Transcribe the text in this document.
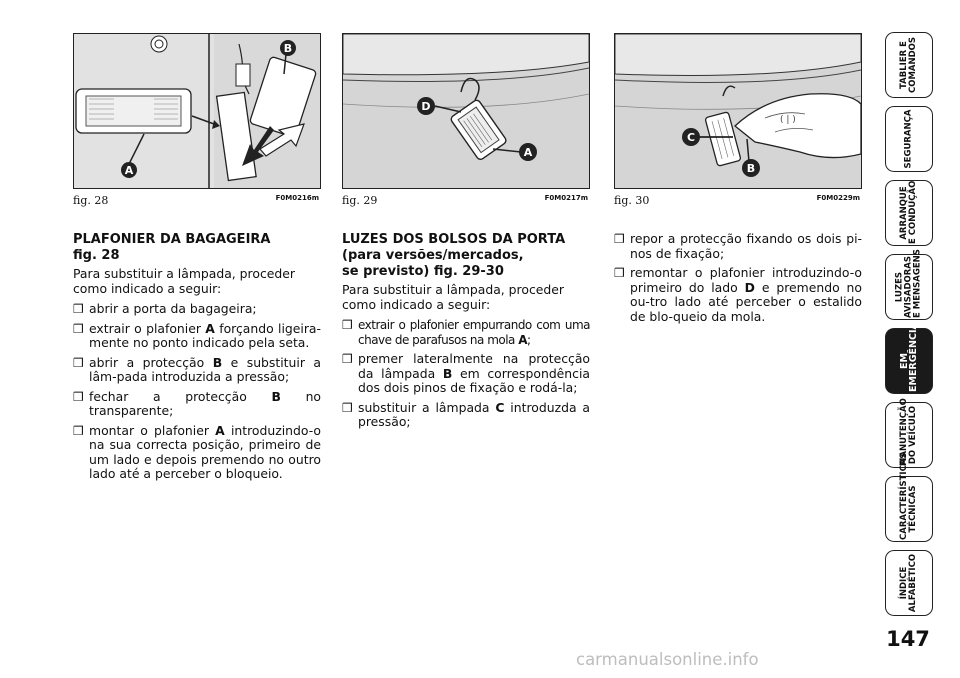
A
B
fig. 28	F0M0216m
D
A
fig. 29	F0M0217m
( | )
C
B
fig. 30	F0M0229m
PLAFONIER DA BAGAGEIRA
fig. 28

Para substituir a lâmpada, proceder como indicado a seguir:

❒ abrir a porta da bagageira;
❒ extrair o plafonier A forçando ligeira-mente no ponto indicado pela seta.
❒ abrir a protecção B e substituir a lâm-pada introduzida a pressão;
❒ fechar a protecção B no transparente;
❒ montar o plafonier A introduzindo-o na sua correcta posição, primeiro de um lado e depois premendo no outro lado até a perceber o bloqueio.
LUZES DOS BOLSOS DA PORTA
(para versões/mercados,
se previsto) fig. 29-30

Para substituir a lâmpada, proceder como indicado a seguir:

❒ extrair o plafonier empurrando com uma chave de parafusos na mola A;
❒ premer lateralmente na protecção da lâmpada B em correspondência dos dois pinos de fixação e rodá-la;
❒ substituir a lâmpada C introduzda a pressão;
❒ repor a protecção fixando os dois pi-nos de fixação;
❒ remontar o plafonier introduzindo-o primeiro do lado D e premendo no ou-tro lado até perceber o estalido de blo-queio da mola.
TABLIER E
COMANDOS
SEGURANÇA
ARRANQUE
E CONDUÇÃO
LUZES
AVISADORAS
E MENSAGENS
EM
EMERGÊNCIA
MANUTENÇÃO
DO VEÍCULO
CARACTERÍSTICAS
TÉCNICAS
ÍNDICE
ALFABÉTICO
147
carmanualsonline.info
